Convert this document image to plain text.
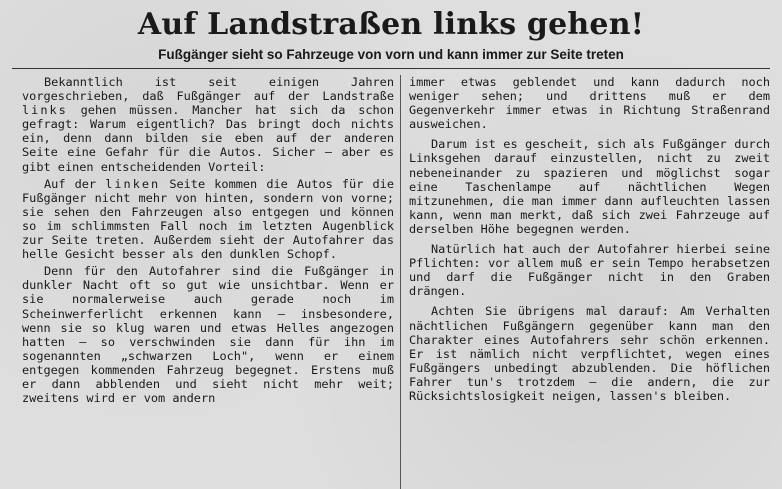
Auf Landstraßen links gehen!
Fußgänger sieht so Fahrzeuge von vorn und kann immer zur Seite treten

Bekanntlich ist seit einigen Jahren vorgeschrieben, daß Fußgänger auf der Landstraße links gehen müssen. Mancher hat sich da schon gefragt: Warum eigentlich? Das bringt doch nichts ein, denn dann bilden sie eben auf der anderen Seite eine Gefahr für die Autos. Sicher — aber es gibt einen entscheidenden Vorteil:

Auf der linken Seite kommen die Autos für die Fußgänger nicht mehr von hinten, sondern von vorne; sie sehen den Fahrzeugen also entgegen und können so im schlimmsten Fall noch im letzten Augenblick zur Seite treten. Außerdem sieht der Autofahrer das helle Gesicht besser als den dunklen Schopf.

Denn für den Autofahrer sind die Fußgänger in dunkler Nacht oft so gut wie unsichtbar. Wenn er sie normalerweise auch gerade noch im Scheinwerferlicht erkennen kann — insbesondere, wenn sie so klug waren und etwas Helles angezogen hatten — so verschwinden sie dann für ihn im sogenannten „schwarzen Loch", wenn er einem entgegen kommenden Fahrzeug begegnet. Erstens muß er dann abblenden und sieht nicht mehr weit; zweitens wird er vom andern

immer etwas geblendet und kann dadurch noch weniger sehen; und drittens muß er dem Gegenverkehr immer etwas in Richtung Straßenrand ausweichen.

Darum ist es gescheit, sich als Fußgänger durch Linksgehen darauf einzustellen, nicht zu zweit nebeneinander zu spazieren und möglichst sogar eine Taschenlampe auf nächtlichen Wegen mitzunehmen, die man immer dann aufleuchten lassen kann, wenn man merkt, daß sich zwei Fahrzeuge auf derselben Höhe begegnen werden.

Natürlich hat auch der Autofahrer hierbei seine Pflichten: vor allem muß er sein Tempo herabsetzen und darf die Fußgänger nicht in den Graben drängen.

Achten Sie übrigens mal darauf: Am Verhalten nächtlichen Fußgängern gegenüber kann man den Charakter eines Autofahrers sehr schön erkennen. Er ist nämlich nicht verpflichtet, wegen eines Fußgängers unbedingt abzublenden. Die höflichen Fahrer tun's trotzdem — die andern, die zur Rücksichtslosigkeit neigen, lassen's bleiben.
